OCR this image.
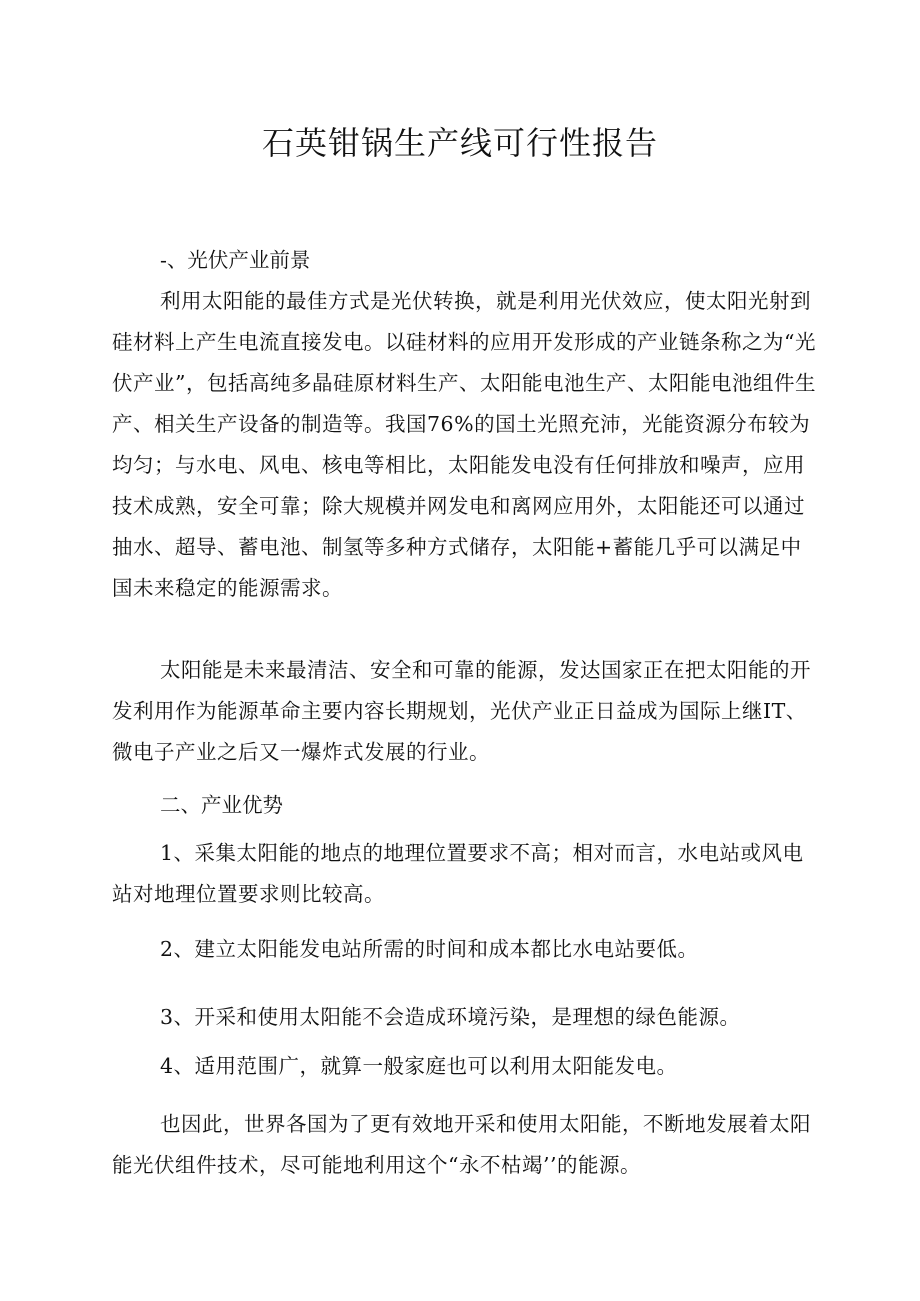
石英钳锅生产线可行性报告

-、光伏产业前景

利用太阳能的最佳方式是光伏转换，就是利用光伏效应，使太阳光射到硅材料上产生电流直接发电。以硅材料的应用开发形成的产业链条称之为“光伏产业”，包括高纯多晶硅原材料生产、太阳能电池生产、太阳能电池组件生产、相关生产设备的制造等。我国76%的国土光照充沛，光能资源分布较为均匀；与水电、风电、核电等相比，太阳能发电没有任何排放和噪声，应用技术成熟，安全可靠；除大规模并网发电和离网应用外，太阳能还可以通过抽水、超导、蓄电池、制氢等多种方式储存，太阳能+蓄能几乎可以满足中国未来稳定的能源需求。

太阳能是未来最清洁、安全和可靠的能源，发达国家正在把太阳能的开发利用作为能源革命主要内容长期规划，光伏产业正日益成为国际上继IT、微电子产业之后又一爆炸式发展的行业。

二、产业优势

1、采集太阳能的地点的地理位置要求不高；相对而言，水电站或风电站对地理位置要求则比较高。

2、建立太阳能发电站所需的时间和成本都比水电站要低。

3、开采和使用太阳能不会造成环境污染，是理想的绿色能源。

4、适用范围广，就算一般家庭也可以利用太阳能发电。

也因此，世界各国为了更有效地开采和使用太阳能，不断地发展着太阳能光伏组件技术，尽可能地利用这个“永不枯竭’’的能源。
